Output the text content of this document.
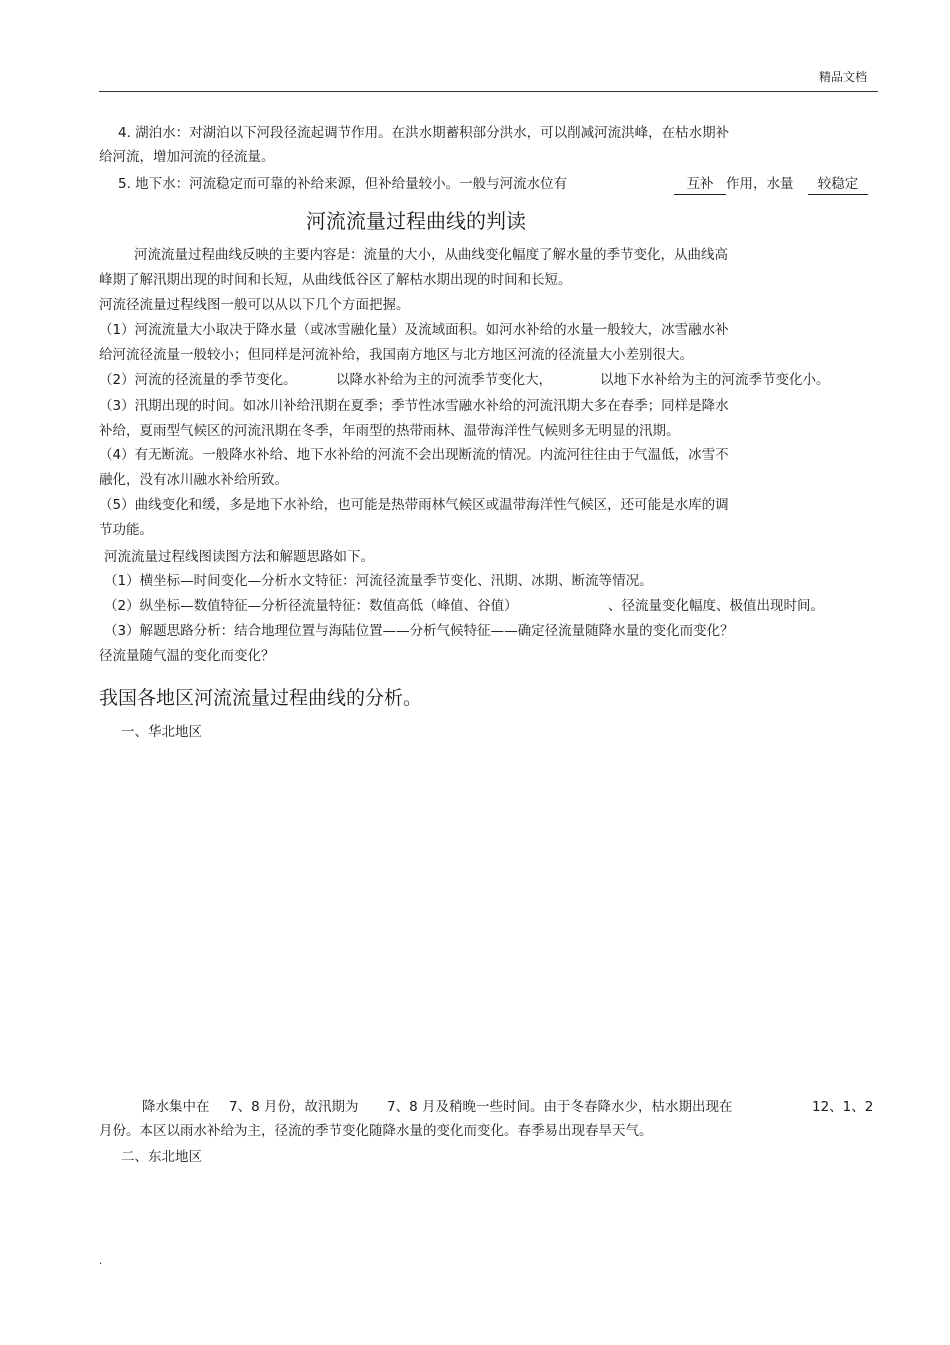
精品文档
4. 湖泊水：对湖泊以下河段径流起调节作用。在洪水期蓄积部分洪水，可以削减河流洪峰，在枯水期补
给河流，增加河流的径流量。
5. 地下水：河流稳定而可靠的补给来源，但补给量较小。一般与河流水位有	互补 作用，水量	较稳定
河流流量过程曲线的判读
河流流量过程曲线反映的主要内容是：流量的大小，从曲线变化幅度了解水量的季节变化，从曲线高
峰期了解汛期出现的时间和长短，从曲线低谷区了解枯水期出现的时间和长短。
河流径流量过程线图一般可以从以下几个方面把握。
（1）河流流量大小取决于降水量（或冰雪融化量）及流域面积。如河水补给的水量一般较大，冰雪融水补
给河流径流量一般较小；但同样是河流补给，我国南方地区与北方地区河流的径流量大小差别很大。
（2）河流的径流量的季节变化。	以降水补给为主的河流季节变化大，	以地下水补给为主的河流季节变化小。
（3）汛期出现的时间。如冰川补给汛期在夏季；季节性冰雪融水补给的河流汛期大多在春季；同样是降水
补给，夏雨型气候区的河流汛期在冬季，年雨型的热带雨林、温带海洋性气候则多无明显的汛期。
（4）有无断流。一般降水补给、地下水补给的河流不会出现断流的情况。内流河往往由于气温低，冰雪不
融化，没有冰川融水补给所致。
（5）曲线变化和缓，多是地下水补给，也可能是热带雨林气候区或温带海洋性气候区，还可能是水库的调
节功能。
河流流量过程线图读图方法和解题思路如下。
（1）横坐标—时间变化—分析水文特征：河流径流量季节变化、汛期、冰期、断流等情况。
（2）纵坐标—数值特征—分析径流量特征：数值高低（峰值、谷值）	、径流量变化幅度、极值出现时间。
（3）解题思路分析：结合地理位置与海陆位置——分析气候特征——确定径流量随降水量的变化而变化？
径流量随气温的变化而变化？
我国各地区河流流量过程曲线的分析。
一、华北地区
降水集中在 7、8 月份，故汛期为 7、8 月及稍晚一些时间。由于冬春降水少，枯水期出现在	12、1、2
月份。本区以雨水补给为主，径流的季节变化随降水量的变化而变化。春季易出现春旱天气。
二、东北地区
.
